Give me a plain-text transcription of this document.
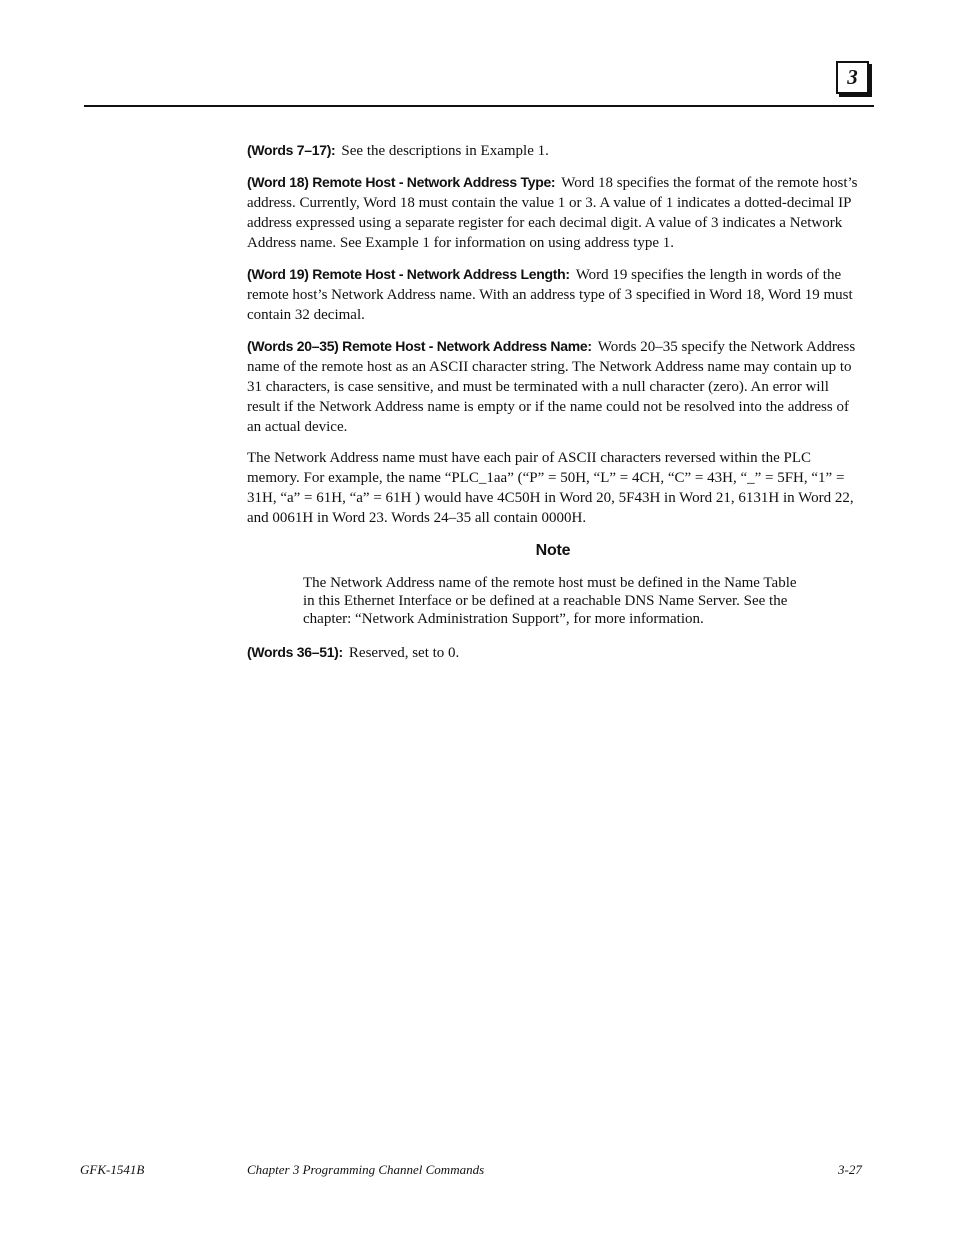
3

(Words 7–17): See the descriptions in Example 1.

(Word 18) Remote Host - Network Address Type: Word 18 specifies the format of the remote host’s address. Currently, Word 18 must contain the value 1 or 3. A value of 1 indicates a dotted-decimal IP address expressed using a separate register for each decimal digit. A value of 3 indicates a Network Address name. See Example 1 for information on using address type 1.

(Word 19) Remote Host - Network Address Length: Word 19 specifies the length in words of the remote host’s Network Address name. With an address type of 3 specified in Word 18, Word 19 must contain 32 decimal.

(Words 20–35) Remote Host - Network Address Name: Words 20–35 specify the Network Address name of the remote host as an ASCII character string. The Network Address name may contain up to 31 characters, is case sensitive, and must be terminated with a null character (zero). An error will result if the Network Address name is empty or if the name could not be resolved into the address of an actual device.

The Network Address name must have each pair of ASCII characters reversed within the PLC memory. For example, the name “PLC_1aa” (“P” = 50H, “L” = 4CH, “C” = 43H, “_” = 5FH, “1” = 31H, “a” = 61H, “a” = 61H ) would have 4C50H in Word 20, 5F43H in Word 21, 6131H in Word 22, and 0061H in Word 23. Words 24–35 all contain 0000H.

Note

The Network Address name of the remote host must be defined in the Name Table in this Ethernet Interface or be defined at a reachable DNS Name Server. See the chapter: “Network Administration Support”, for more information.

(Words 36–51): Reserved, set to 0.

GFK-1541B	Chapter 3 Programming Channel Commands	3-27
